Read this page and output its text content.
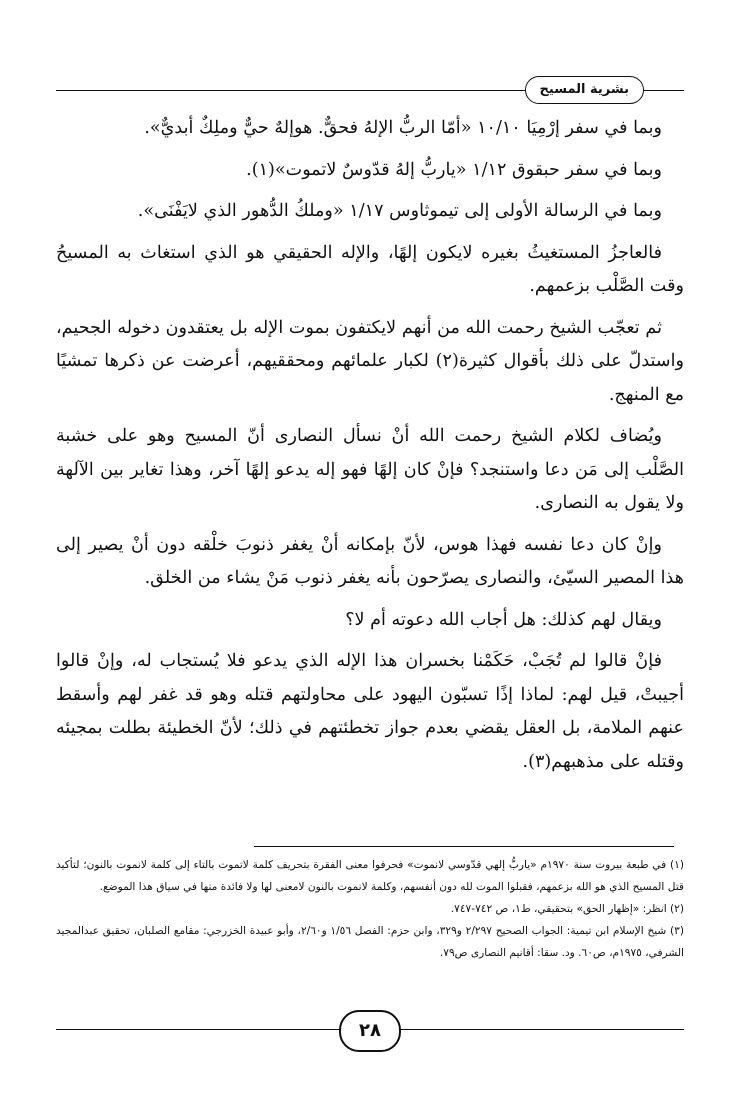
بشرية المسيح

وبما في سفر إرْمِيَا ١٠/١٠ «أمّا الربُّ الإلهُ فحقٌّ. هوإلهٌ حيٌّ وملِكٌ أبديٌّ».

وبما في سفر حبقوق ١/١٢ «ياربُّ إلهُ قدّوسٌ لاتموت»(١).

وبما في الرسالة الأولى إلى تيموثاوس ١/١٧ «وملكُ الدُّهور الذي لايَفْنَى».

فالعاجزُ المستغيثُ بغيره لايكون إلهًا، والإله الحقيقي هو الذي استغاث به المسيحُ وقت الصَّلْب بزعمهم.

ثم تعجّب الشيخ رحمت الله من أنهم لايكتفون بموت الإله بل يعتقدون دخوله الجحيم، واستدلّ على ذلك بأقوال كثيرة(٢) لكبار علمائهم ومحققيهم، أعرضت عن ذكرها تمشيًا مع المنهج.

ويُضاف لكلام الشيخ رحمت الله أنْ نسأل النصارى أنّ المسيح وهو على خشبة الصَّلْب إلى مَن دعا واستنجد؟ فإنْ كان إلهًا فهو إله يدعو إلهًا آخر، وهذا تغاير بين الآلهة ولا يقول به النصارى.

وإنْ كان دعا نفسه فهذا هوس، لأنّ بإمكانه أنْ يغفر ذنوبَ خلْقه دون أنْ يصير إلى هذا المصير السيّئ، والنصارى يصرّحون بأنه يغفر ذنوب مَنْ يشاء من الخلق.

ويقال لهم كذلك: هل أجاب الله دعوته أم لا؟

فإنْ قالوا لم تُجَبْ، حَكَمْنا بخسران هذا الإله الذي يدعو فلا يُستجاب له، وإنْ قالوا أجيبتْ، قيل لهم: لماذا إذًا تسبّون اليهود على محاولتهم قتله وهو قد غفر لهم وأسقط عنهم الملامة، بل العقل يقضي بعدم جواز تخطئتهم في ذلك؛ لأنّ الخطيئة بطلت بمجيئه وقتله على مذهبهم(٣).

(١) في طبعة بيروت سنة ١٩٧٠م «ياربُّ إلهي قدّوسي لانموت» فحرفوا معنى الفقرة بتحريف كلمة لاتموت بالتاء إلى كلمة لانموت بالنون؛ لتأكيد قتل المسيح الذي هو الله بزعمهم، فقبلوا الموت لله دون أنفسهم، وكلمة لانموت بالنون لامعنى لها ولا فائدة منها في سياق هذا الموضع.

(٢) انظر: «إظهار الحق» بتحقيقي، ط١، ص ٧٤٢-٧٤٧.

(٣) شيخ الإسلام ابن تيمية: الجواب الصحيح ٢/٢٩٧ و٣٢٩، وابن حزم: الفصل ١/٥٦ و٢/٦٠، وأبو عبيدة الخزرجي: مقامع الصلبان، تحقيق عبدالمجيد الشرفي، ١٩٧٥م، ص٦٠. ود. سقا: أقانيم النصارى ص٧٩.

٢٨
